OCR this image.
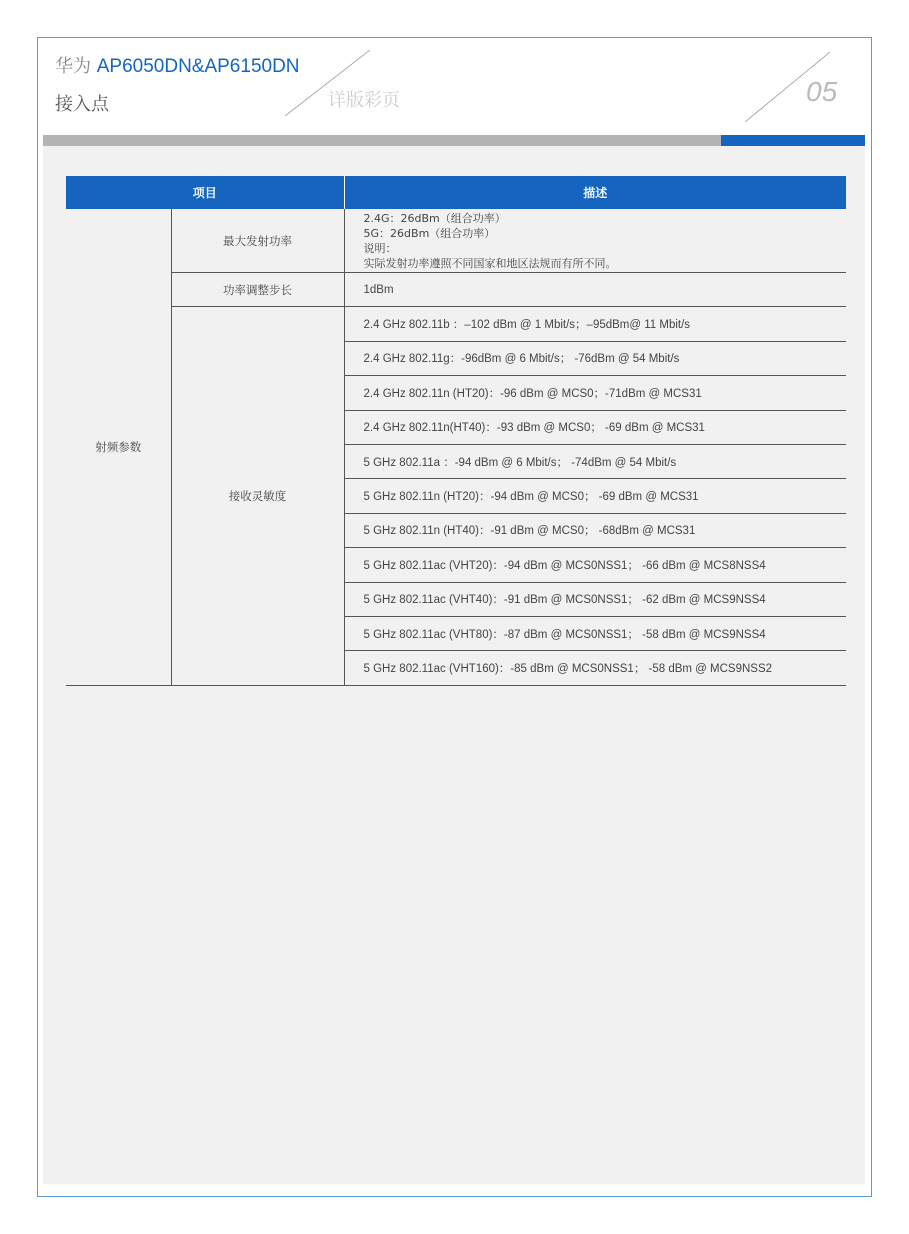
华为 AP6050DN&AP6150DN
接入点	详版彩页	05
项目		描述
射频参数	最大发射功率	2.4G：26dBm（组合功率）
5G：26dBm（组合功率）
说明：
实际发射功率遵照不同国家和地区法规而有所不同。

	功率调整步长	1dBm
	接收灵敏度	2.4 GHz 802.11b ：–102 dBm @ 1 Mbit/s；–95dBm@ 11 Mbit/s
		2.4 GHz 802.11g：-96dBm @ 6 Mbit/s； -76dBm @ 54 Mbit/s
		2.4 GHz 802.11n (HT20)：-96 dBm @ MCS0；-71dBm @ MCS31
		2.4 GHz 802.11n(HT40)：-93 dBm @ MCS0； -69 dBm @ MCS31
		5 GHz 802.11a ：-94 dBm @ 6 Mbit/s； -74dBm @ 54 Mbit/s
		5 GHz 802.11n (HT20)：-94 dBm @ MCS0； -69 dBm @ MCS31
		5 GHz 802.11n (HT40)：-91 dBm @ MCS0； -68dBm @ MCS31
		5 GHz 802.11ac (VHT20)：-94 dBm @ MCS0NSS1； -66 dBm @ MCS8NSS4
		5 GHz 802.11ac (VHT40)：-91 dBm @ MCS0NSS1； -62 dBm @ MCS9NSS4
		5 GHz 802.11ac (VHT80)：-87 dBm @ MCS0NSS1； -58 dBm @ MCS9NSS4
		5 GHz 802.11ac (VHT160)：-85 dBm @ MCS0NSS1； -58 dBm @ MCS9NSS2
